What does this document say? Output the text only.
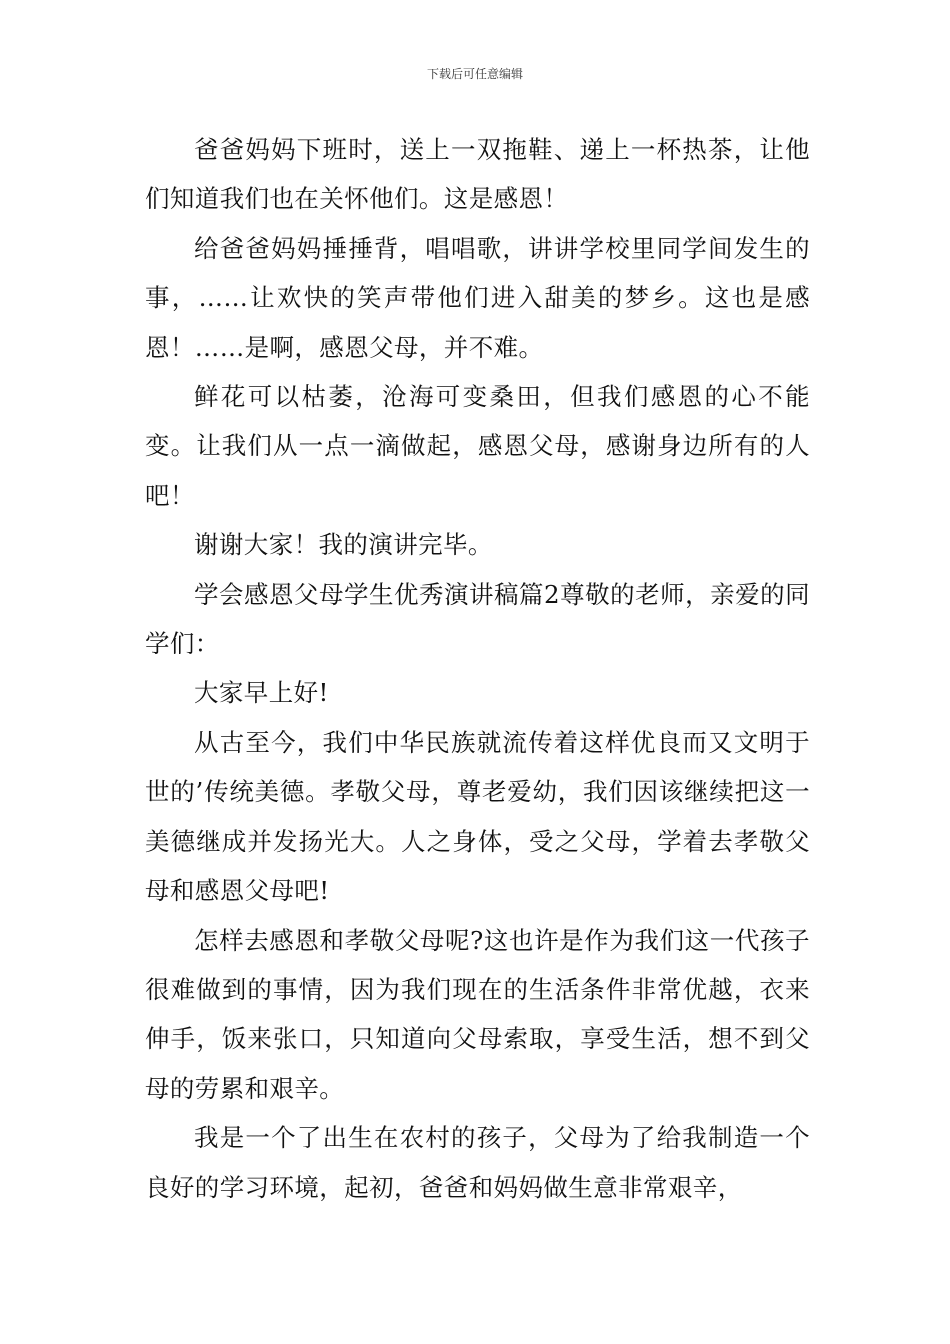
下载后可任意编辑

爸爸妈妈下班时，送上一双拖鞋、递上一杯热茶，让他们知道我们也在关怀他们。这是感恩！

给爸爸妈妈捶捶背，唱唱歌，讲讲学校里同学间发生的事，……让欢快的笑声带他们进入甜美的梦乡。这也是感恩！……是啊，感恩父母，并不难。

鲜花可以枯萎，沧海可变桑田，但我们感恩的心不能变。让我们从一点一滴做起，感恩父母，感谢身边所有的人吧！

谢谢大家！我的演讲完毕。

学会感恩父母学生优秀演讲稿篇2尊敬的老师，亲爱的同学们：

大家早上好!

从古至今，我们中华民族就流传着这样优良而又文明于世的’传统美德。孝敬父母，尊老爱幼，我们因该继续把这一美德继成并发扬光大。人之身体，受之父母，学着去孝敬父母和感恩父母吧!

怎样去感恩和孝敬父母呢?这也许是作为我们这一代孩子很难做到的事情，因为我们现在的生活条件非常优越，衣来伸手，饭来张口，只知道向父母索取，享受生活，想不到父母的劳累和艰辛。

我是一个了出生在农村的孩子，父母为了给我制造一个良好的学习环境，起初，爸爸和妈妈做生意非常艰辛，
